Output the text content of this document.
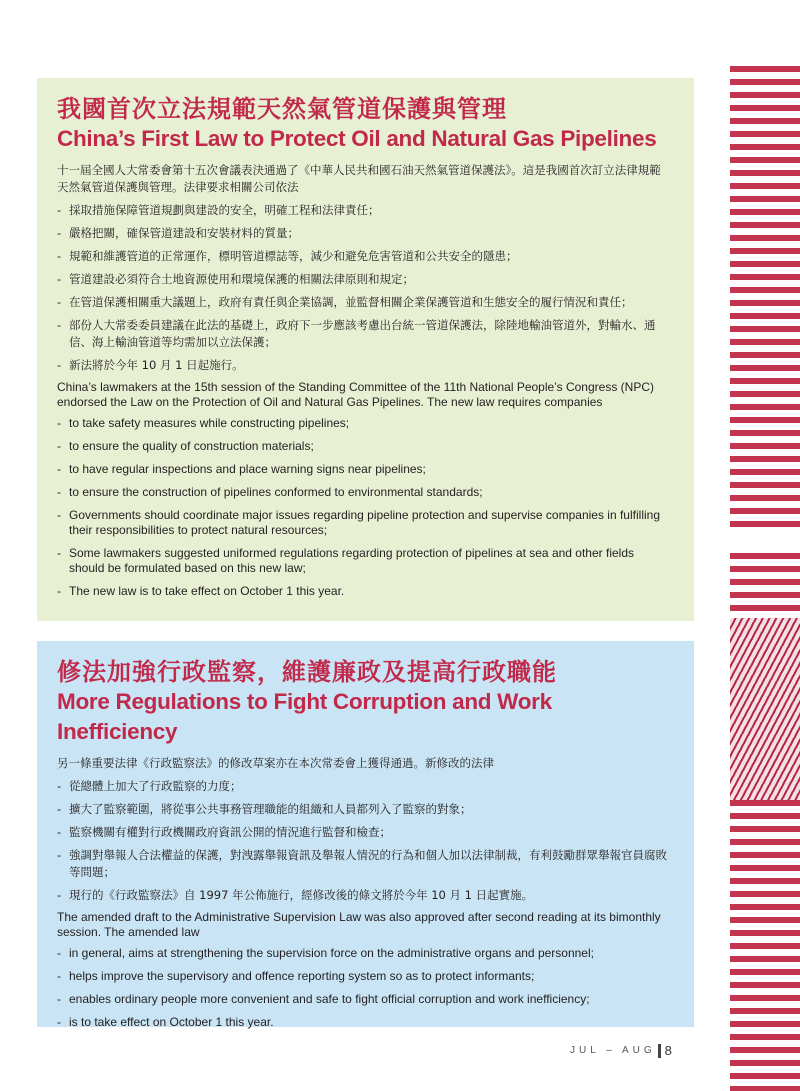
我國首次立法規範天然氣管道保護與管理
China’s First Law to Protect Oil and Natural Gas Pipelines

十一屆全國人大常委會第十五次會議表決通過了《中華人民共和國石油天然氣管道保護法》。這是我國首次訂立法律規範天然氣管道保護與管理。法律要求相關公司依法

- 採取措施保障管道規劃與建設的安全，明確工程和法律責任；
- 嚴格把關，確保管道建設和安裝材料的質量；
- 規範和維護管道的正常運作，標明管道標誌等，減少和避免危害管道和公共安全的隱患；
- 管道建設必須符合土地資源使用和環境保護的相關法律原則和規定；
- 在管道保護相關重大議題上，政府有責任與企業協調，並監督相關企業保護管道和生態安全的履行情況和責任；
- 部份人大常委委員建議在此法的基礎上，政府下一步應該考慮出台統一管道保護法，除陸地輸油管道外，對輸水、通信、海上輸油管道等均需加以立法保護；
- 新法將於今年 10 月 1 日起施行。

China’s lawmakers at the 15th session of the Standing Committee of the 11th National People’s Congress (NPC) endorsed the Law on the Protection of Oil and Natural Gas Pipelines. The new law requires companies

- to take safety measures while constructing pipelines;
- to ensure the quality of construction materials;
- to have regular inspections and place warning signs near pipelines;
- to ensure the construction of pipelines conformed to environmental standards;
- Governments should coordinate major issues regarding pipeline protection and supervise companies in fulfilling their responsibilities to protect natural resources;
- Some lawmakers suggested uniformed regulations regarding protection of pipelines at sea and other fields should be formulated based on this new law;
- The new law is to take effect on October 1 this year.
修法加強行政監察，維護廉政及提高行政職能
More Regulations to Fight Corruption and Work Inefficiency

另一條重要法律《行政監察法》的修改草案亦在本次常委會上獲得通過。新修改的法律

- 從總體上加大了行政監察的力度；
- 擴大了監察範圍，將從事公共事務管理職能的組織和人員都列入了監察的對象；
- 監察機關有權對行政機關政府資訊公開的情況進行監督和檢查；
- 強調對舉報人合法權益的保護，對洩露舉報資訊及舉報人情況的行為和個人加以法律制裁，有利鼓勵群眾舉報官員腐敗等問題；
- 現行的《行政監察法》自 1997 年公佈施行，經修改後的條文將於今年 10 月 1 日起實施。

The amended draft to the Administrative Supervision Law was also approved after second reading at its bimonthly session. The amended law

- in general, aims at strengthening the supervision force on the administrative organs and personnel;
- helps improve the supervisory and offence reporting system so as to protect informants;
- enables ordinary people more convenient and safe to fight official corruption and work inefficiency;
- is to take effect on October 1 this year.
JUL – AUG 8
